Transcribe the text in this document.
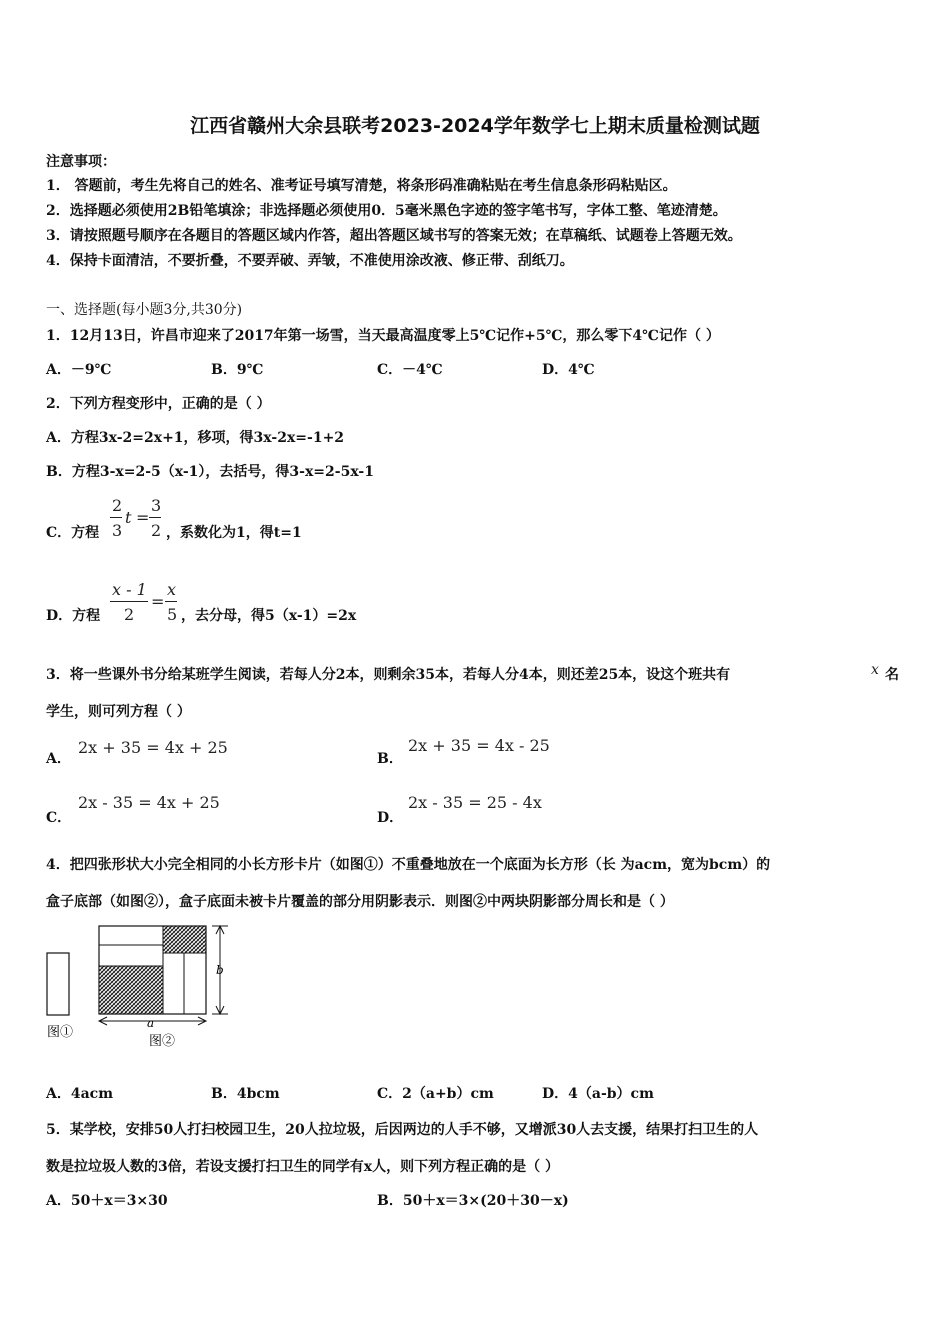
江西省赣州大余县联考2023-2024学年数学七上期末质量检测试题
注意事项：
1． 答题前，考生先将自己的姓名、准考证号填写清楚，将条形码准确粘贴在考生信息条形码粘贴区。
2．选择题必须使用2B铅笔填涂；非选择题必须使用0．5毫米黑色字迹的签字笔书写，字体工整、笔迹清楚。
3．请按照题号顺序在各题目的答题区域内作答，超出答题区域书写的答案无效；在草稿纸、试题卷上答题无效。
4．保持卡面清洁，不要折叠，不要弄破、弄皱，不准使用涂改液、修正带、刮纸刀。
一、选择题(每小题3分,共30分)
1．12月13日，许昌市迎来了2017年第一场雪，当天最高温度零上5℃记作+5℃，那么零下4℃记作（ ）
A．－9℃	B．9℃	C．－4℃	D．4℃
2．下列方程变形中，正确的是（ ）
A．方程3x-2=2x+1，移项，得3x-2x=-1+2
B．方程3-x=2-5（x-1），去括号，得3-x=2-5x-1
C．方程
2
3
t =
3
2 ，系数化为1，得t=1
D．方程
x - 1
2
=
x
5 ，去分母，得5（x-1）=2x
3．将一些课外书分给某班学生阅读，若每人分2本，则剩余35本，若每人分4本，则还差25本，设这个班共有	x 名
学生，则可列方程（ ）
A．
2x + 35 = 4x + 25
B．
2x + 35 = 4x - 25
C．
2x - 35 = 4x + 25
D．
2x - 35 = 25 - 4x
4．把四张形状大小完全相同的小长方形卡片（如图①）不重叠地放在一个底面为长方形（长 为acm，宽为bcm）的
盒子底部（如图②），盒子底面未被卡片覆盖的部分用阴影表示．则图②中两块阴影部分周长和是（ ）
图①
b
a
图②
A．4acm	B．4bcm	C．2（a+b）cm	D．4（a-b）cm
5．某学校，安排50人打扫校园卫生，20人拉垃圾，后因两边的人手不够，又增派30人去支援，结果打扫卫生的人
数是拉垃圾人数的3倍，若设支援打扫卫生的同学有x人，则下列方程正确的是（ ）
A．50＋x＝3×30	B．50＋x＝3×(20＋30－x)
